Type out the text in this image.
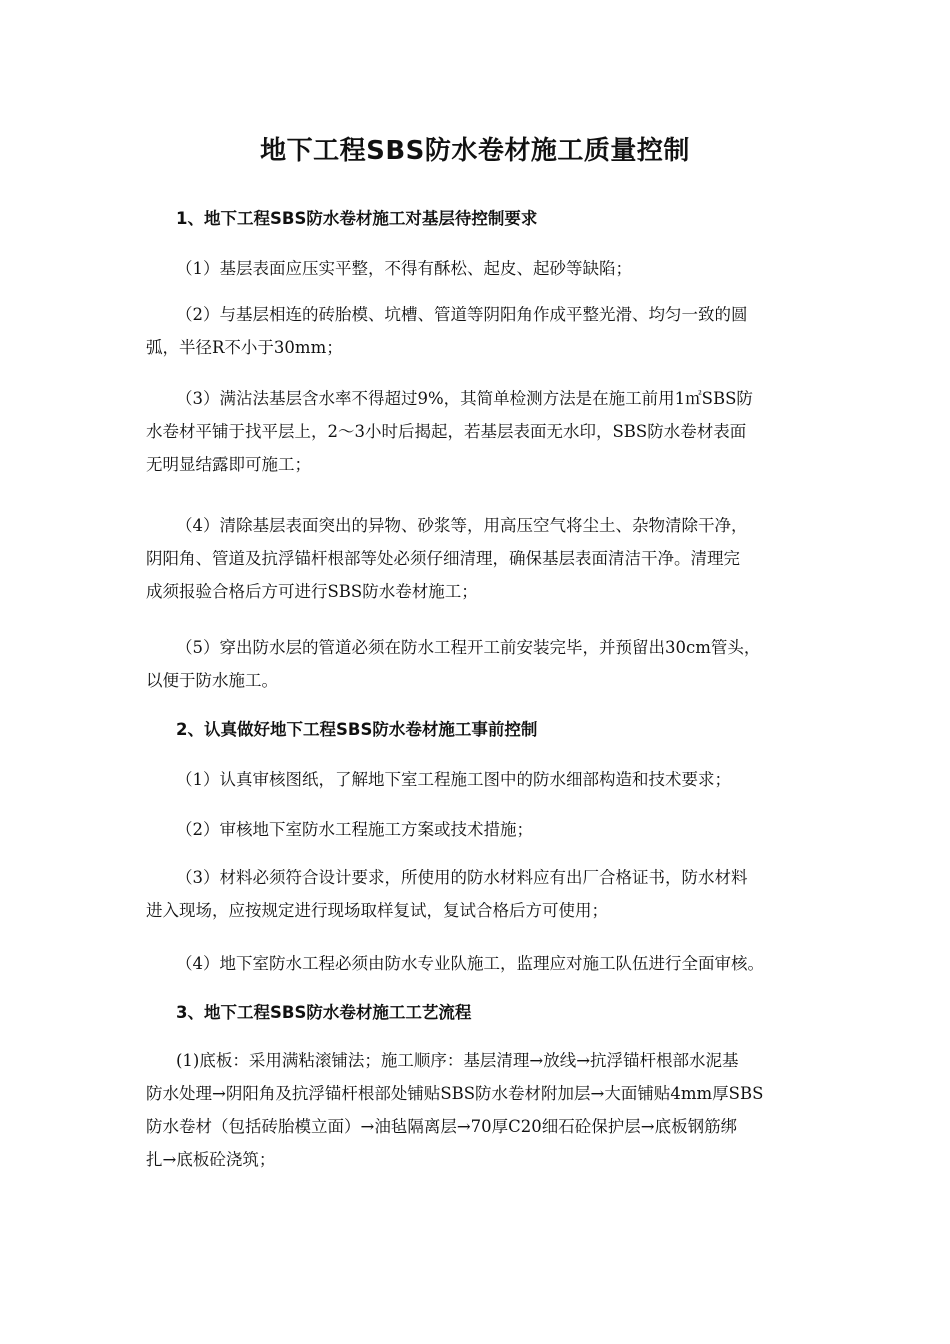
地下工程SBS防水卷材施工质量控制
1、地下工程SBS防水卷材施工对基层待控制要求
（1）基层表面应压实平整，不得有酥松、起皮、起砂等缺陷；
（2）与基层相连的砖胎模、坑槽、管道等阴阳角作成平整光滑、均匀一致的圆
弧，半径R不小于30mm；
（3）满沾法基层含水率不得超过9%，其简单检测方法是在施工前用1㎡SBS防
水卷材平铺于找平层上，2～3小时后揭起，若基层表面无水印，SBS防水卷材表面
无明显结露即可施工；
（4）清除基层表面突出的异物、砂浆等，用高压空气将尘土、杂物清除干净，
阴阳角、管道及抗浮锚杆根部等处必须仔细清理，确保基层表面清洁干净。清理完
成须报验合格后方可进行SBS防水卷材施工；
（5）穿出防水层的管道必须在防水工程开工前安装完毕，并预留出30cm管头，
以便于防水施工。
2、认真做好地下工程SBS防水卷材施工事前控制
（1）认真审核图纸，了解地下室工程施工图中的防水细部构造和技术要求；
（2）审核地下室防水工程施工方案或技术措施；
（3）材料必须符合设计要求，所使用的防水材料应有出厂合格证书，防水材料
进入现场，应按规定进行现场取样复试，复试合格后方可使用；
（4）地下室防水工程必须由防水专业队施工，监理应对施工队伍进行全面审核。
3、地下工程SBS防水卷材施工工艺流程
(1)底板：采用满粘滚铺法；施工顺序：基层清理→放线→抗浮锚杆根部水泥基
防水处理→阴阳角及抗浮锚杆根部处铺贴SBS防水卷材附加层→大面铺贴4mm厚SBS
防水卷材（包括砖胎模立面）→油毡隔离层→70厚C20细石砼保护层→底板钢筋绑
扎→底板砼浇筑；
